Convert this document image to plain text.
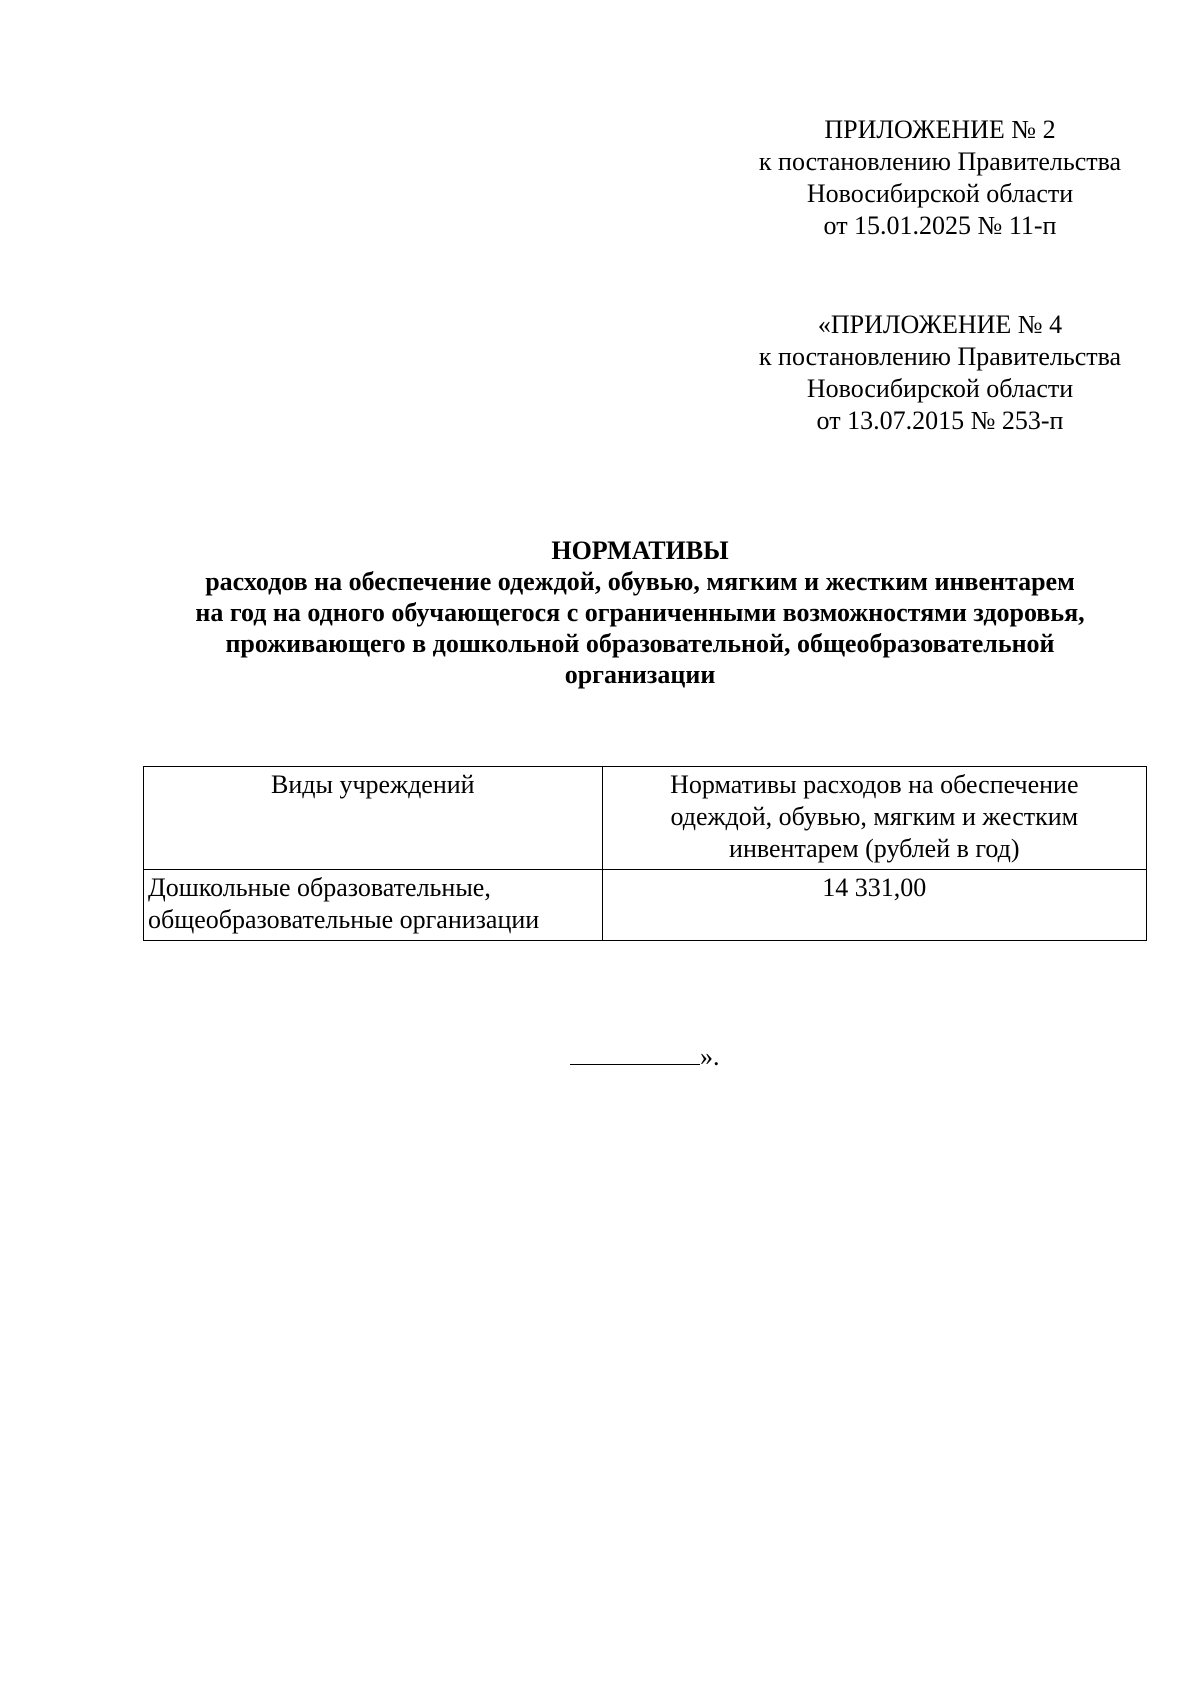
ПРИЛОЖЕНИЕ № 2
к постановлению Правительства
Новосибирской области
от 15.01.2025 № 11-п
«ПРИЛОЖЕНИЕ № 4
к постановлению Правительства
Новосибирской области
от 13.07.2015 № 253-п
НОРМАТИВЫ
расходов на обеспечение одеждой, обувью, мягким и жестким инвентарем
на год на одного обучающегося с ограниченными возможностями здоровья,
проживающего в дошкольной образовательной, общеобразовательной
организации
Виды учреждений	Нормативы расходов на обеспечение
одеждой, обувью, мягким и жестким
инвентарем (рублей в год)

Дошкольные образовательные,
общеобразовательные организации	14 331,00
».
